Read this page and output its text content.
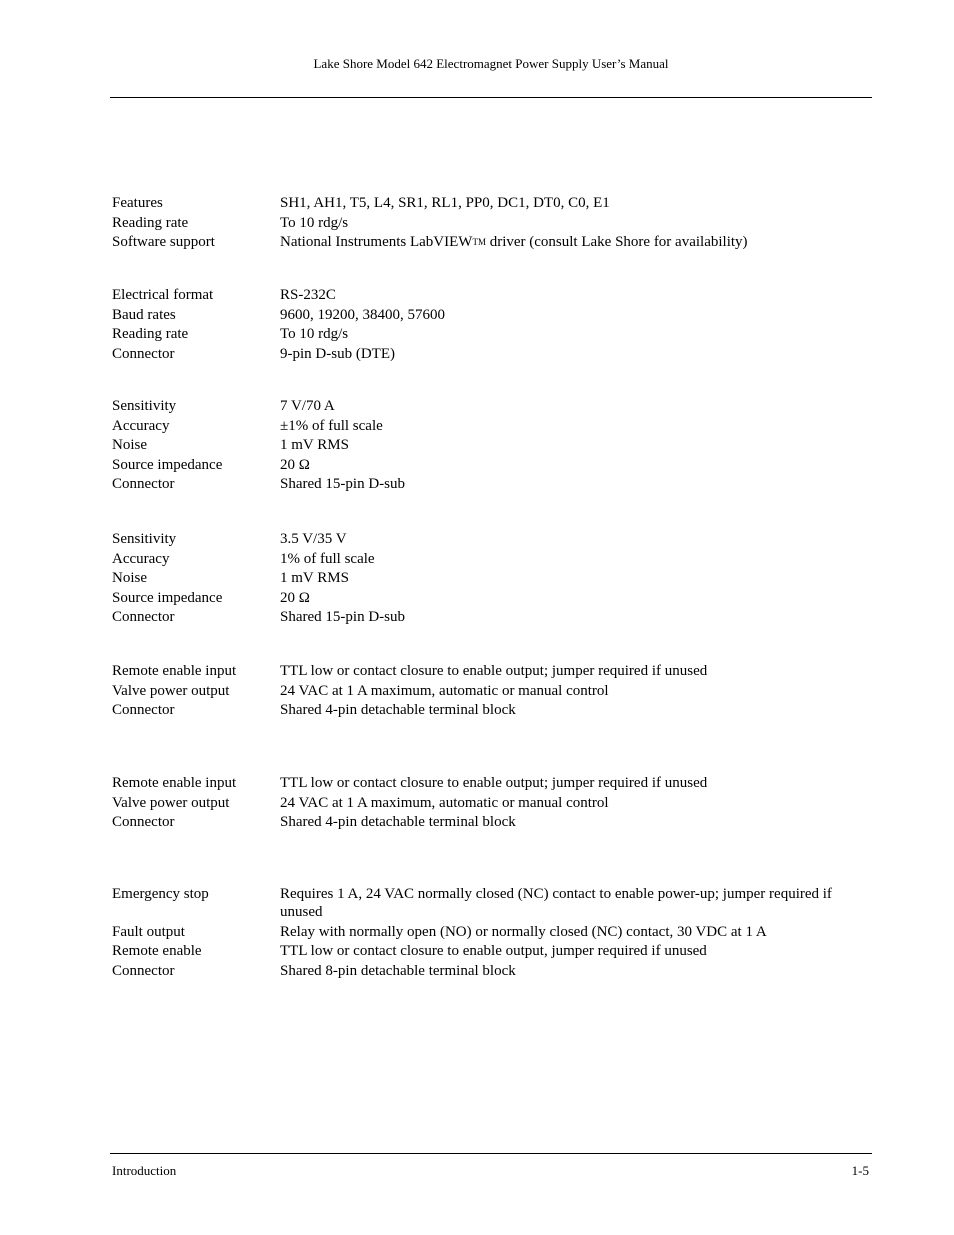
Lake Shore Model 642 Electromagnet Power Supply User’s Manual
Features	SH1, AH1, T5, L4, SR1, RL1, PP0, DC1, DT0, C0, E1
Reading rate	To 10 rdg/s
Software support	National Instruments LabVIEWTM driver (consult Lake Shore for availability)
Electrical format	RS-232C
Baud rates	9600, 19200, 38400, 57600
Reading rate	To 10 rdg/s
Connector	9-pin D-sub (DTE)
Sensitivity	7 V/70 A
Accuracy	±1% of full scale
Noise	1 mV RMS
Source impedance	20 Ω
Connector	Shared 15-pin D-sub
Sensitivity	3.5 V/35 V
Accuracy	1% of full scale
Noise	1 mV RMS
Source impedance	20 Ω
Connector	Shared 15-pin D-sub
Remote enable input	TTL low or contact closure to enable output; jumper required if unused
Valve power output	24 VAC at 1 A maximum, automatic or manual control
Connector	Shared 4-pin detachable terminal block
Remote enable input	TTL low or contact closure to enable output; jumper required if unused
Valve power output	24 VAC at 1 A maximum, automatic or manual control
Connector	Shared 4-pin detachable terminal block
Emergency stop	Requires 1 A, 24 VAC normally closed (NC) contact to enable power-up; jumper required if unused
Fault output	Relay with normally open (NO) or normally closed (NC) contact, 30 VDC at 1 A
Remote enable	TTL low or contact closure to enable output, jumper required if unused
Connector	Shared 8-pin detachable terminal block
Introduction	1-5
